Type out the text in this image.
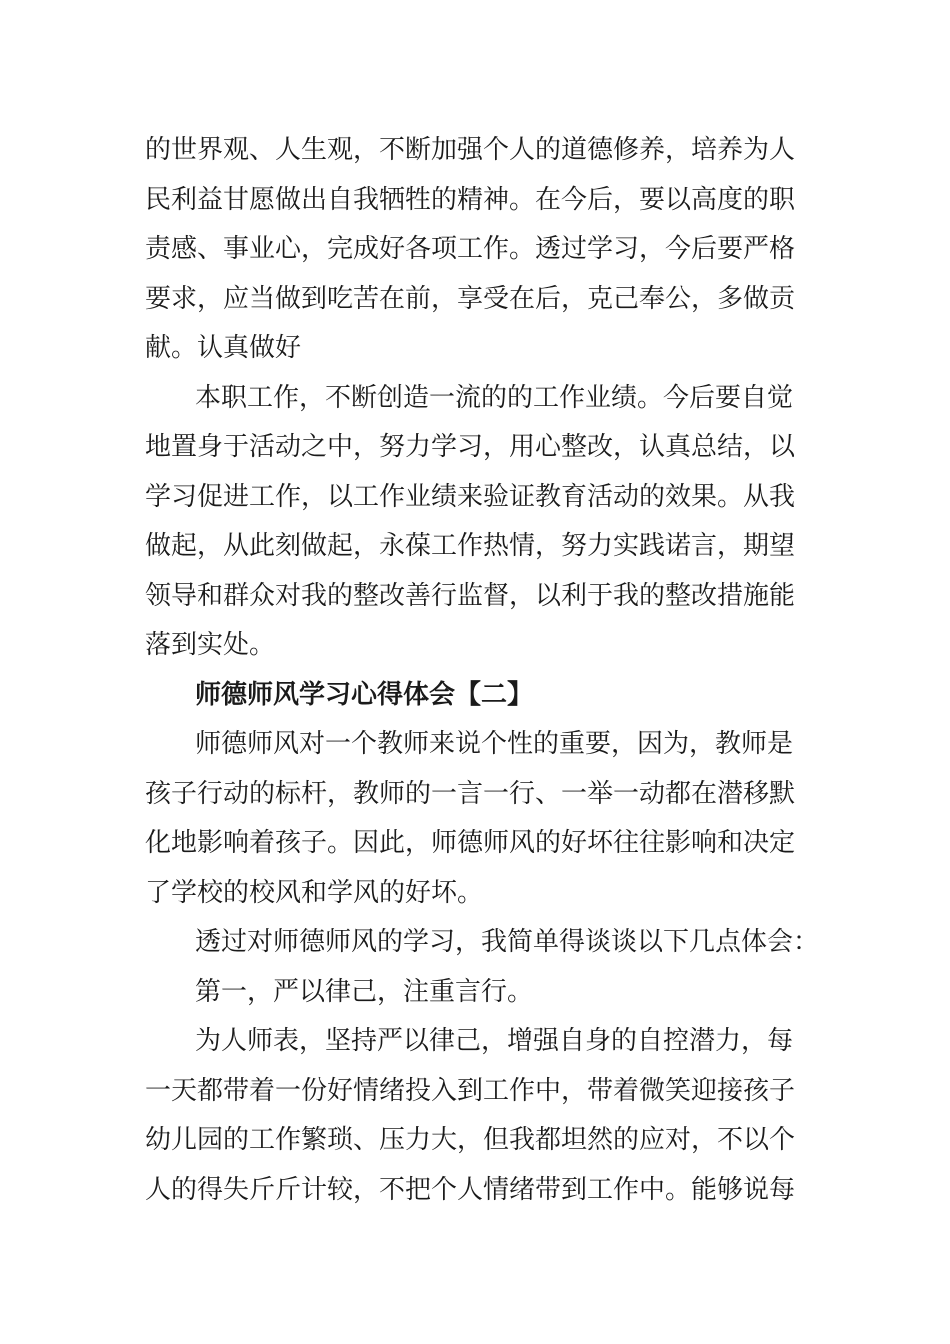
的世界观、人生观，不断加强个人的道德修养，培养为人
民利益甘愿做出自我牺牲的精神。在今后，要以高度的职
责感、事业心，完成好各项工作。透过学习，今后要严格
要求，应当做到吃苦在前，享受在后，克己奉公，多做贡
献。认真做好

本职工作，不断创造一流的的工作业绩。今后要自觉
地置身于活动之中，努力学习，用心整改，认真总结，以
学习促进工作，以工作业绩来验证教育活动的效果。从我
做起，从此刻做起，永葆工作热情，努力实践诺言，期望
领导和群众对我的整改善行监督，以利于我的整改措施能
落到实处。

师德师风学习心得体会【二】

师德师风对一个教师来说个性的重要，因为，教师是
孩子行动的标杆，教师的一言一行、一举一动都在潜移默
化地影响着孩子。因此，师德师风的好坏往往影响和决定
了学校的校风和学风的好坏。

透过对师德师风的学习，我简单得谈谈以下几点体会：

第一，严以律己，注重言行。

为人师表，坚持严以律己，增强自身的自控潜力，每
一天都带着一份好情绪投入到工作中，带着微笑迎接孩子
幼儿园的工作繁琐、压力大，但我都坦然的应对，不以个
人的得失斤斤计较，不把个人情绪带到工作中。能够说每
